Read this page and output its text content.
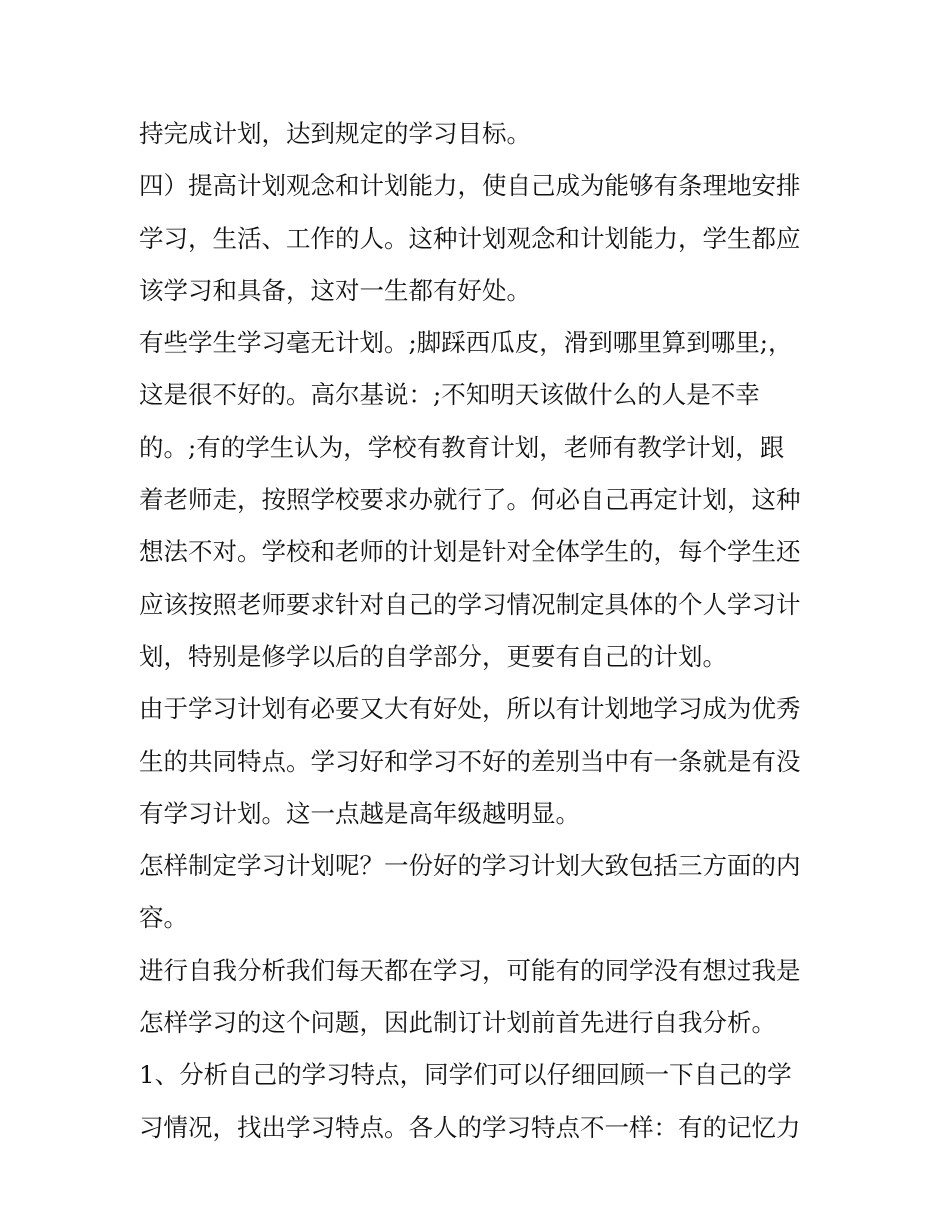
持完成计划，达到规定的学习目标。
四）提高计划观念和计划能力，使自己成为能够有条理地安排
学习，生活、工作的人。这种计划观念和计划能力，学生都应
该学习和具备，这对一生都有好处。
有些学生学习毫无计划。;脚踩西瓜皮，滑到哪里算到哪里;，
这是很不好的。高尔基说：;不知明天该做什么的人是不幸
的。;有的学生认为，学校有教育计划，老师有教学计划，跟
着老师走，按照学校要求办就行了。何必自己再定计划，这种
想法不对。学校和老师的计划是针对全体学生的，每个学生还
应该按照老师要求针对自己的学习情况制定具体的个人学习计
划，特别是修学以后的自学部分，更要有自己的计划。
由于学习计划有必要又大有好处，所以有计划地学习成为优秀
生的共同特点。学习好和学习不好的差别当中有一条就是有没
有学习计划。这一点越是高年级越明显。
怎样制定学习计划呢？一份好的学习计划大致包括三方面的内
容。
进行自我分析我们每天都在学习，可能有的同学没有想过我是
怎样学习的这个问题，因此制订计划前首先进行自我分析。
1、分析自己的学习特点，同学们可以仔细回顾一下自己的学
习情况，找出学习特点。各人的学习特点不一样：有的记忆力
